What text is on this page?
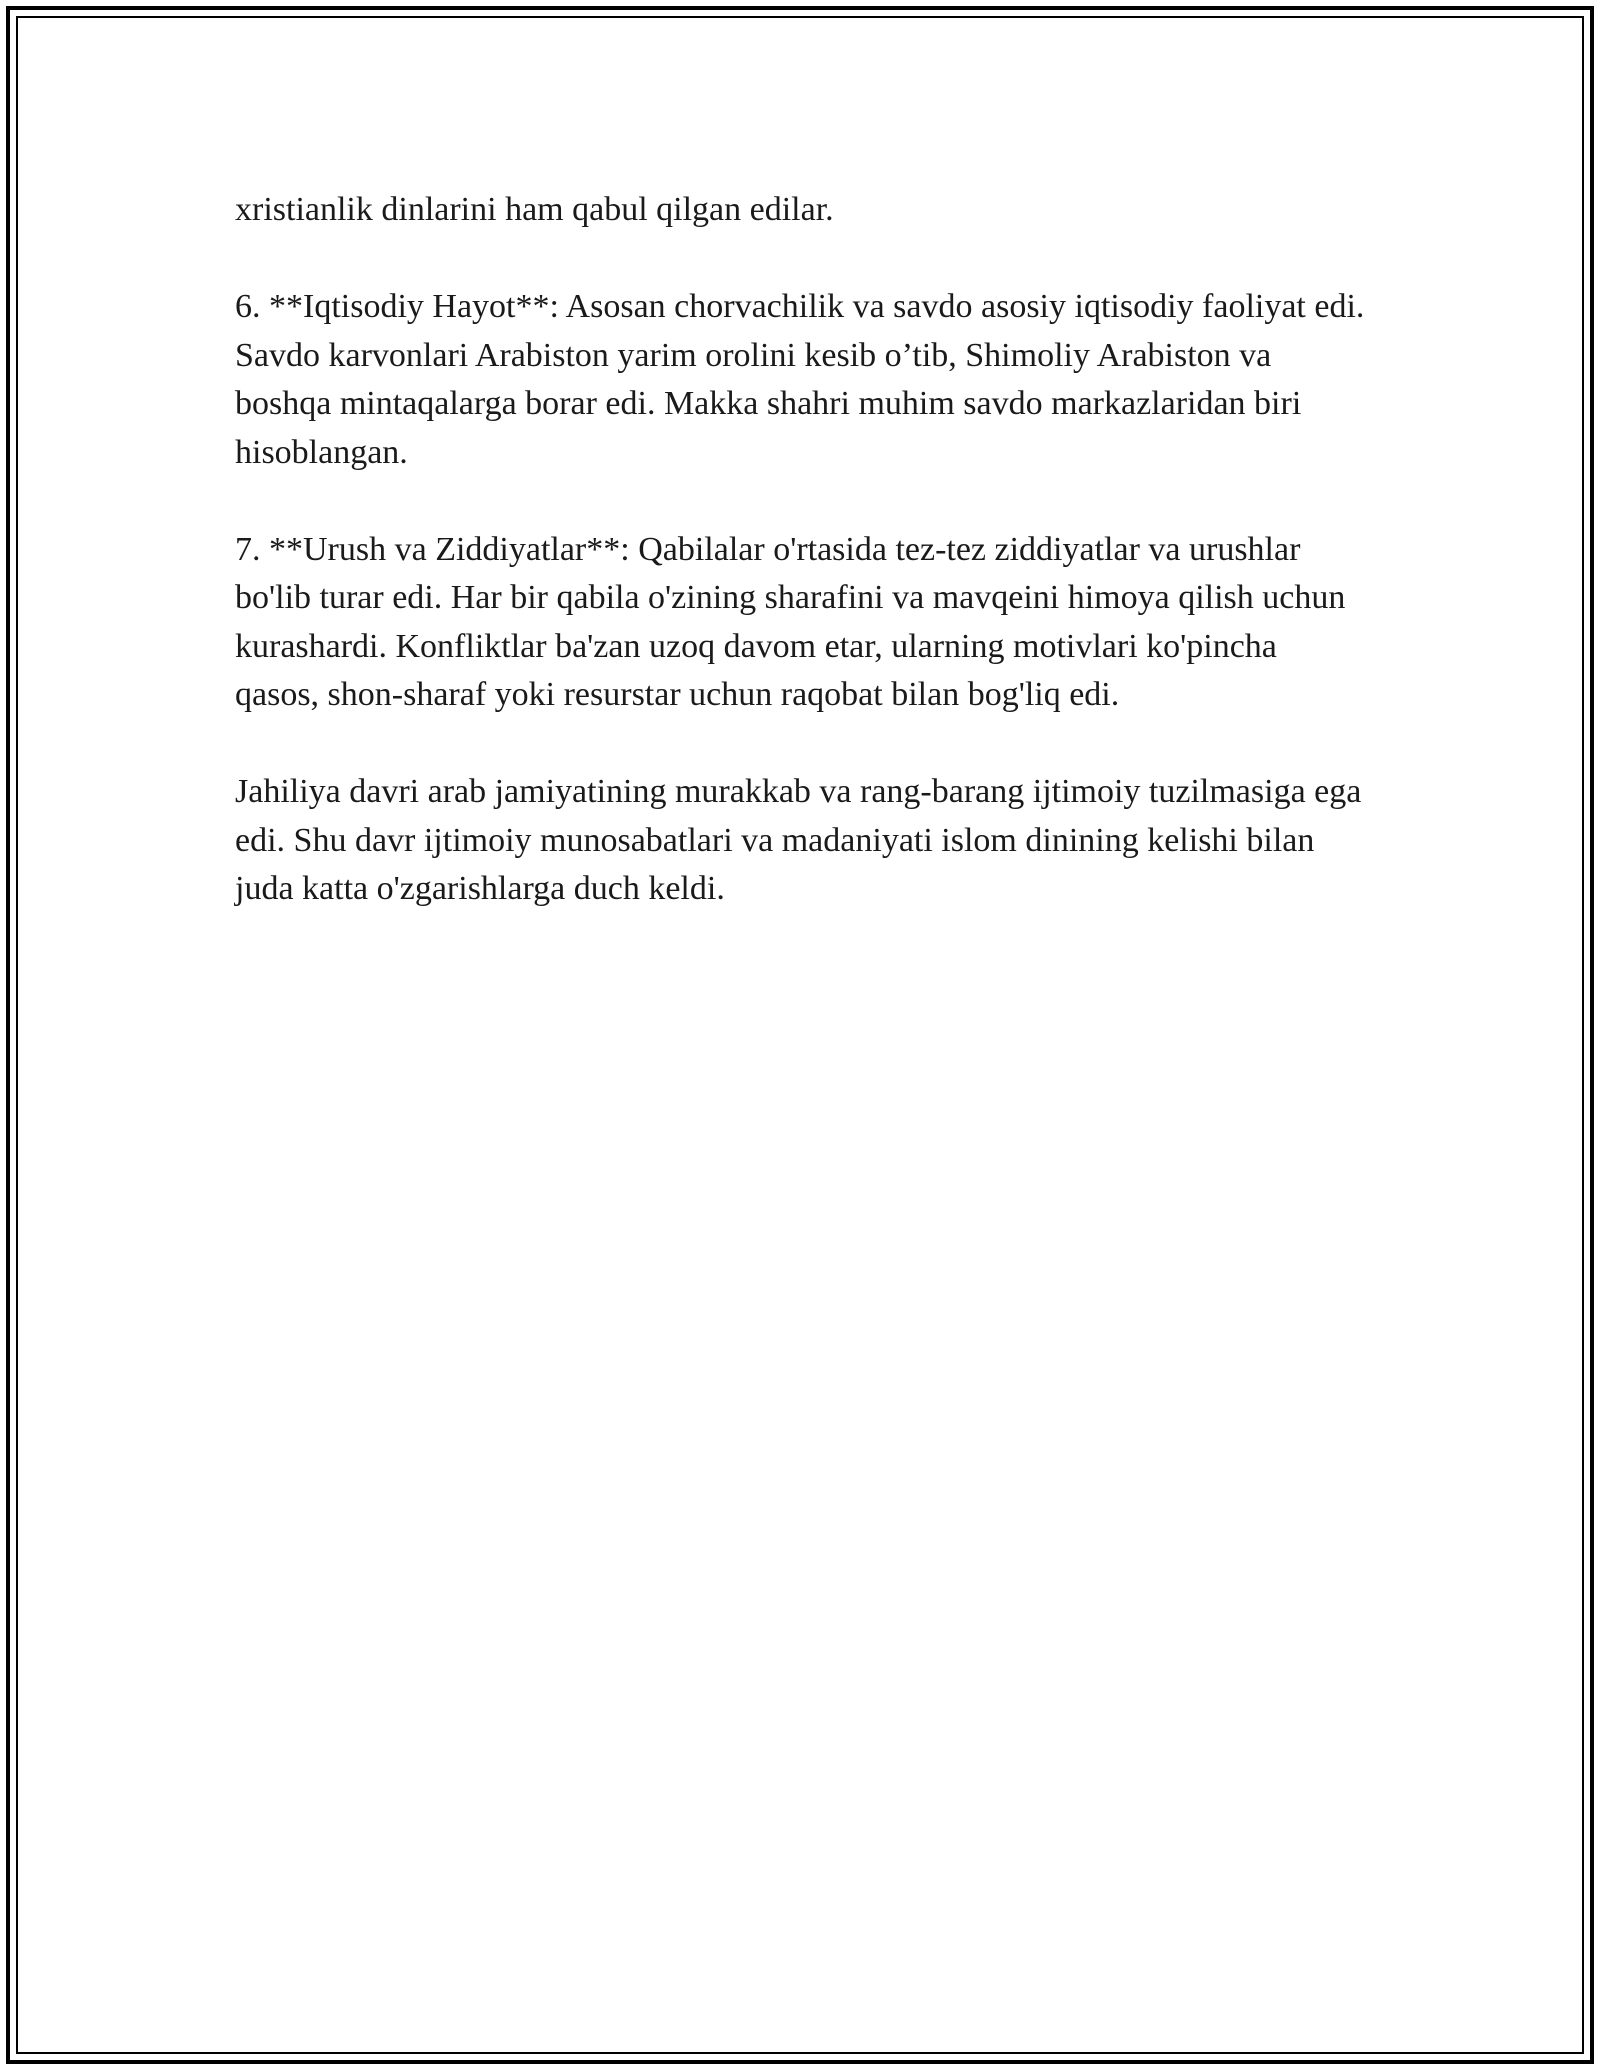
xristianlik dinlarini ham qabul qilgan edilar.

6. **Iqtisodiy Hayot**: Asosan chorvachilik va savdo asosiy iqtisodiy faoliyat edi. Savdo karvonlari Arabiston yarim orolini kesib o’tib, Shimoliy Arabiston va boshqa mintaqalarga borar edi. Makka shahri muhim savdo markazlaridan biri hisoblangan.

7. **Urush va Ziddiyatlar**: Qabilalar o'rtasida tez-tez ziddiyatlar va urushlar bo'lib turar edi. Har bir qabila o'zining sharafini va mavqeini himoya qilish uchun kurashardi. Konfliktlar ba'zan uzoq davom etar, ularning motivlari ko'pincha qasos, shon-sharaf yoki resurstar uchun raqobat bilan bog'liq edi.

Jahiliya davri arab jamiyatining murakkab va rang-barang ijtimoiy tuzilmasiga ega edi. Shu davr ijtimoiy munosabatlari va madaniyati islom dinining kelishi bilan juda katta o'zgarishlarga duch keldi.
